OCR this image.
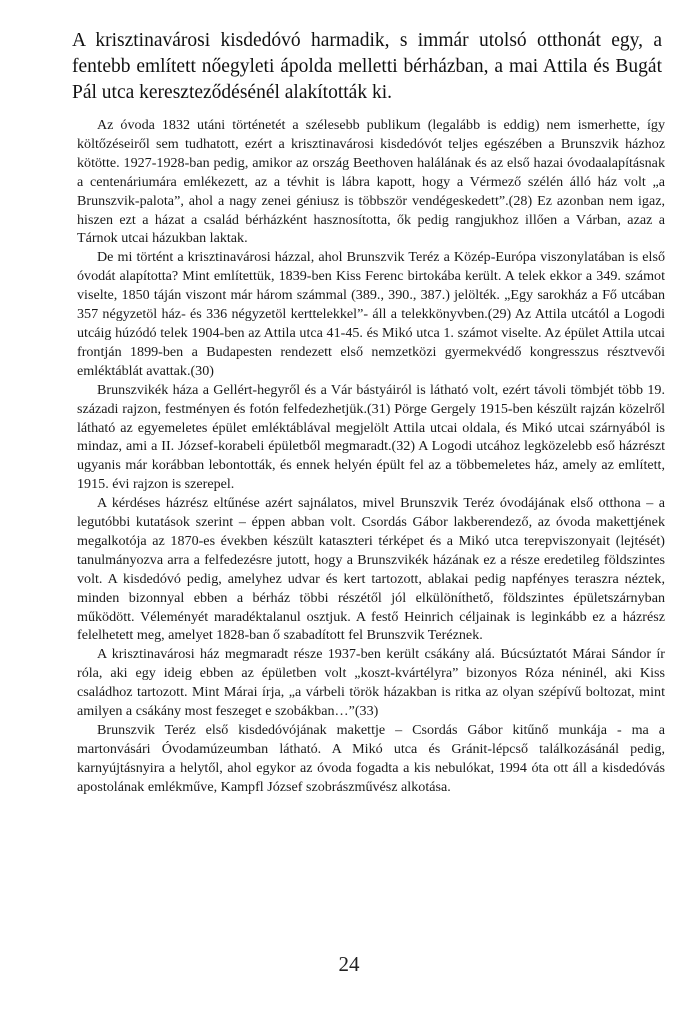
A krisztinavárosi kisdedóvó harmadik, s immár utolsó otthonát egy, a fentebb említett nőegyleti ápolda melletti bérházban, a mai Attila és Bugát Pál utca kereszteződésénél alakították ki.

Az óvoda 1832 utáni történetét a szélesebb publikum (legalább is eddig) nem ismerhette, így költőzéseiről sem tudhatott, ezért a krisztinavárosi kisdedóvót teljes egészében a Brunszvik házhoz kötötte. 1927-1928-ban pedig, amikor az ország Beethoven halálának és az első hazai óvodaalapításnak a centenáriumára emlékezett, az a tévhit is lábra kapott, hogy a Vérmező szélén álló ház volt „a Brunszvik-palota”, ahol a nagy zenei géniusz is többször vendégeskedett”.(28) Ez azonban nem igaz, hiszen ezt a házat a család bérházként hasznosította, ők pedig rangjukhoz illően a Várban, azaz a Tárnok utcai házukban laktak.

De mi történt a krisztinavárosi házzal, ahol Brunszvik Teréz a Közép-Európa viszonylatában is első óvodát alapította? Mint említettük, 1839-ben Kiss Ferenc birtokába került. A telek ekkor a 349. számot viselte, 1850 táján viszont már három számmal (389., 390., 387.) jelölték. „Egy sarokház a Fő utcában 357 négyzetöl ház- és 336 négyzetöl kerttelekkel”- áll a telekkönyvben.(29) Az Attila utcától a Logodi utcáig húzódó telek 1904-ben az Attila utca 41-45. és Mikó utca 1. számot viselte. Az épület Attila utcai frontján 1899-ben a Budapesten rendezett első nemzetközi gyermekvédő kongresszus résztvevői emléktáblát avattak.(30)

Brunszvikék háza a Gellért-hegyről és a Vár bástyáiról is látható volt, ezért távoli tömbjét több 19. századi rajzon, festményen és fotón felfedezhetjük.(31) Pörge Gergely 1915-ben készült rajzán közelről látható az egyemeletes épület emléktáblával megjelölt Attila utcai oldala, és Mikó utcai szárnyából is mindaz, ami a II. József-korabeli épületből megmaradt.(32) A Logodi utcához legközelebb eső házrészt ugyanis már korábban lebontották, és ennek helyén épült fel az a többemeletes ház, amely az említett, 1915. évi rajzon is szerepel.

A kérdéses házrész eltűnése azért sajnálatos, mivel Brunszvik Teréz óvodájának első otthona – a legutóbbi kutatások szerint – éppen abban volt. Csordás Gábor lakberendező, az óvoda makettjének megalkotója az 1870-es években készült kataszteri térképet és a Mikó utca terepviszonyait (lejtését) tanulmányozva arra a felfedezésre jutott, hogy a Brunszvikék házának ez a része eredetileg földszintes volt. A kisdedóvó pedig, amelyhez udvar és kert tartozott, ablakai pedig napfényes teraszra néztek, minden bizonnyal ebben a bérház többi részétől jól elkülöníthető, földszintes épületszárnyban működött. Véleményét maradéktalanul osztjuk. A festő Heinrich céljainak is leginkább ez a házrész felelhetett meg, amelyet 1828-ban ő szabadított fel Brunszvik Teréznek.

A krisztinavárosi ház megmaradt része 1937-ben került csákány alá. Búcsúztatót Márai Sándor ír róla, aki egy ideig ebben az épületben volt „koszt-kvártélyra” bizonyos Róza néninél, aki Kiss családhoz tartozott. Mint Márai írja, „a várbeli török házakban is ritka az olyan szépívű boltozat, mint amilyen a csákány most feszeget e szobákban…”(33)

Brunszvik Teréz első kisdedóvójának makettje – Csordás Gábor kitűnő munkája - ma a martonvásári Óvodamúzeumban látható. A Mikó utca és Gránit-lépcső találkozásánál pedig, karnyújtásnyira a helytől, ahol egykor az óvoda fogadta a kis nebulókat, 1994 óta ott áll a kisdedóvás apostolának emlékműve, Kampfl József szobrászművész alkotása.

24
